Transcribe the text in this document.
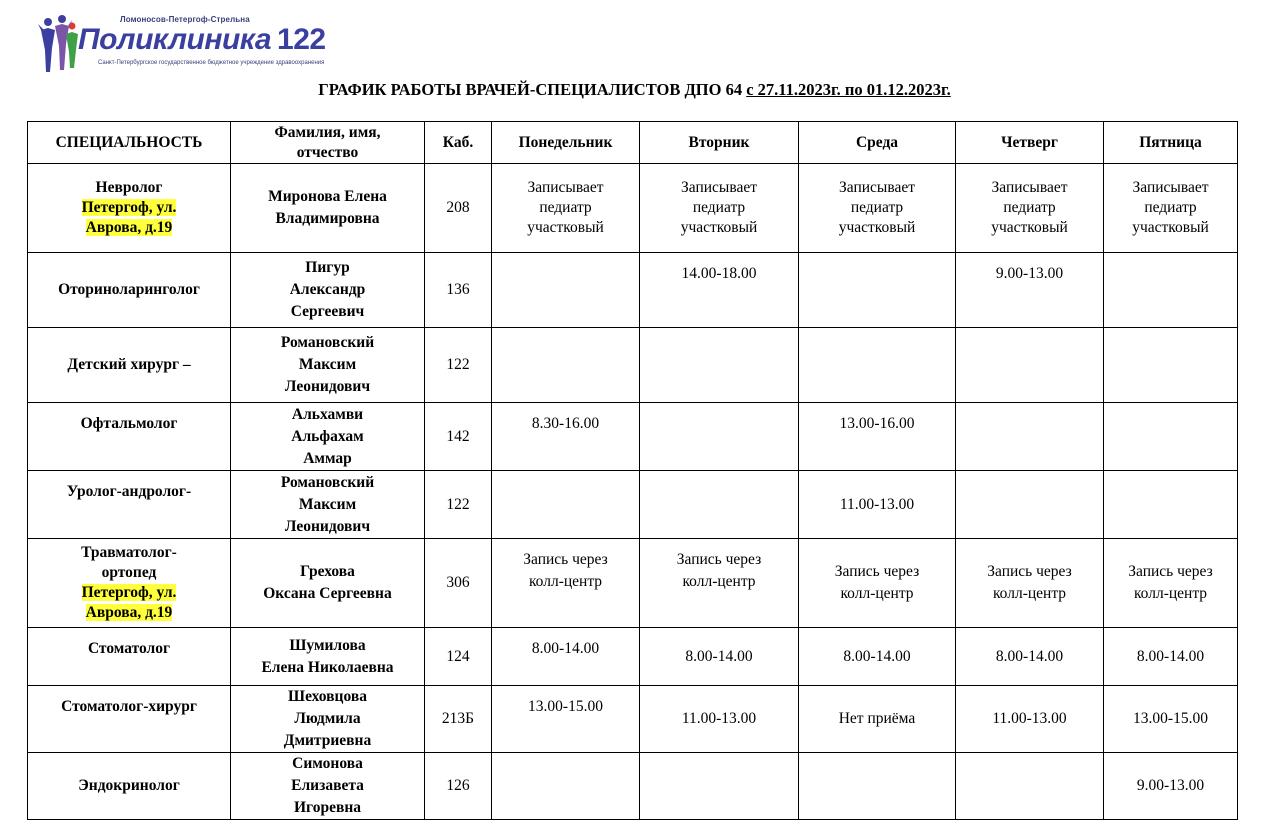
Ломоносов-Петергоф-Стрельна
Поликлиника 122
Санкт-Петербургское государственное бюджетное учреждение здравоохранения
ГРАФИК РАБОТЫ ВРАЧЕЙ-СПЕЦИАЛИСТОВ ДПО 64 с 27.11.2023г. по 01.12.2023г.
СПЕЦИАЛЬНОСТЬ	Фамилия, имя,
отчество	Каб.	Понедельник	Вторник	Среда	Четверг	Пятница
Невролог
Петергоф, ул.
Аврова, д.19	Миронова Елена
Владимировна	208	Записывает
педиатр
участковый	Записывает
педиатр
участковый	Записывает
педиатр
участковый	Записывает
педиатр
участковый	Записывает
педиатр
участковый
Оториноларинголог	Пигур
Александр
Сергеевич	136		14.00-18.00		9.00-13.00	
Детский хирург –	Романовский
Максим
Леонидович	122					
Офтальмолог	Альхамви
Альфахам
Аммар	142	8.30-16.00		13.00-16.00		
Уролог-андролог-	Романовский
Максим
Леонидович	122			11.00-13.00		
Травматолог-
ортопед
Петергоф, ул.
Аврова, д.19	Грехова
Оксана Сергеевна	306	Запись через
колл-центр	Запись через
колл-центр	Запись через
колл-центр	Запись через
колл-центр	Запись через
колл-центр
Стоматолог	Шумилова
Елена Николаевна	124	8.00-14.00	8.00-14.00	8.00-14.00	8.00-14.00	8.00-14.00
Стоматолог-хирург	Шеховцова
Людмила
Дмитриевна	213Б	13.00-15.00	11.00-13.00	Нет приёма	11.00-13.00	13.00-15.00
Эндокринолог	Симонова
Елизавета
Игоревна	126					9.00-13.00
